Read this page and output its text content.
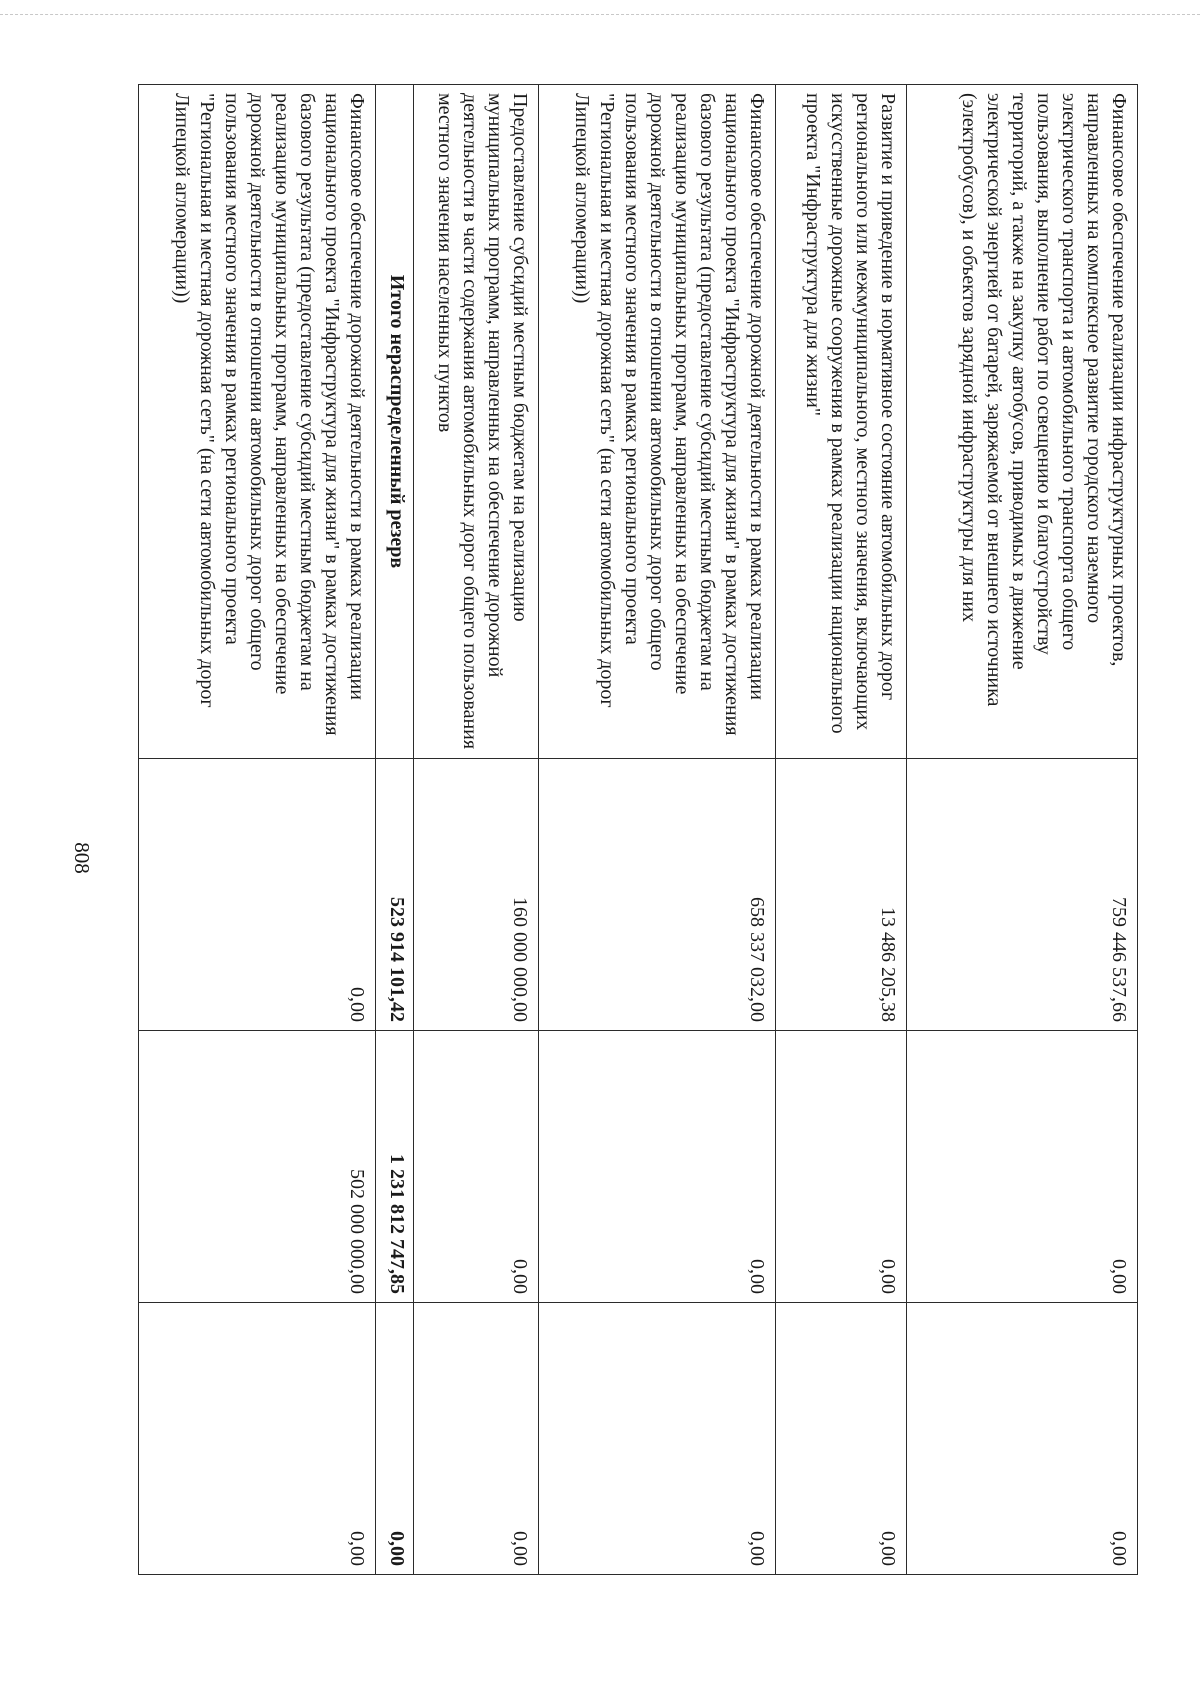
808
Финансовое обеспечение реализации инфраструктурных проектов, направленных на комплексное развитие городского наземного электрического транспорта и автомобильного транспорта общего пользования, выполнение работ по освещению и благоустройству территорий, а также на закупку автобусов, приводимых в движение электрической энергией от батарей, заряжаемой от внешнего источника (электробусов), и объектов зарядной инфраструктуры для них	759 446 537,66	0,00	0,00
Развитие и приведение в нормативное состояние автомобильных дорог регионального или межмуниципального, местного значения, включающих искусственные дорожные сооружения в рамках реализации национального проекта "Инфраструктура для жизни"	13 486 205,38	0,00	0,00
Финансовое обеспечение дорожной деятельности в рамках реализации национального проекта "Инфраструктура для жизни" в рамках достижения базового результата (предоставление субсидий местным бюджетам на реализацию муниципальных программ, направленных на обеспечение дорожной деятельности в отношении автомобильных дорог общего пользования местного значения в рамках регионального проекта "Региональная и местная дорожная сеть" (на сети автомобильных дорог Липецкой агломерации))	658 337 032,00	0,00	0,00
Предоставление субсидий местным бюджетам на реализацию муниципальных программ, направленных на обеспечение дорожной деятельности в части содержания автомобильных дорог общего пользования местного значения населенных пунктов	160 000 000,00	0,00	0,00
Итого нераспределенный резерв	523 914 101,42	1 231 812 747,85	0,00
Финансовое обеспечение дорожной деятельности в рамках реализации национального проекта "Инфраструктура для жизни" в рамках достижения базового результата (предоставление субсидий местным бюджетам на реализацию муниципальных программ, направленных на обеспечение дорожной деятельности в отношении автомобильных дорог общего пользования местного значения в рамках регионального проекта "Региональная и местная дорожная сеть" (на сети автомобильных дорог Липецкой агломерации))	0,00	502 000 000,00	0,00
